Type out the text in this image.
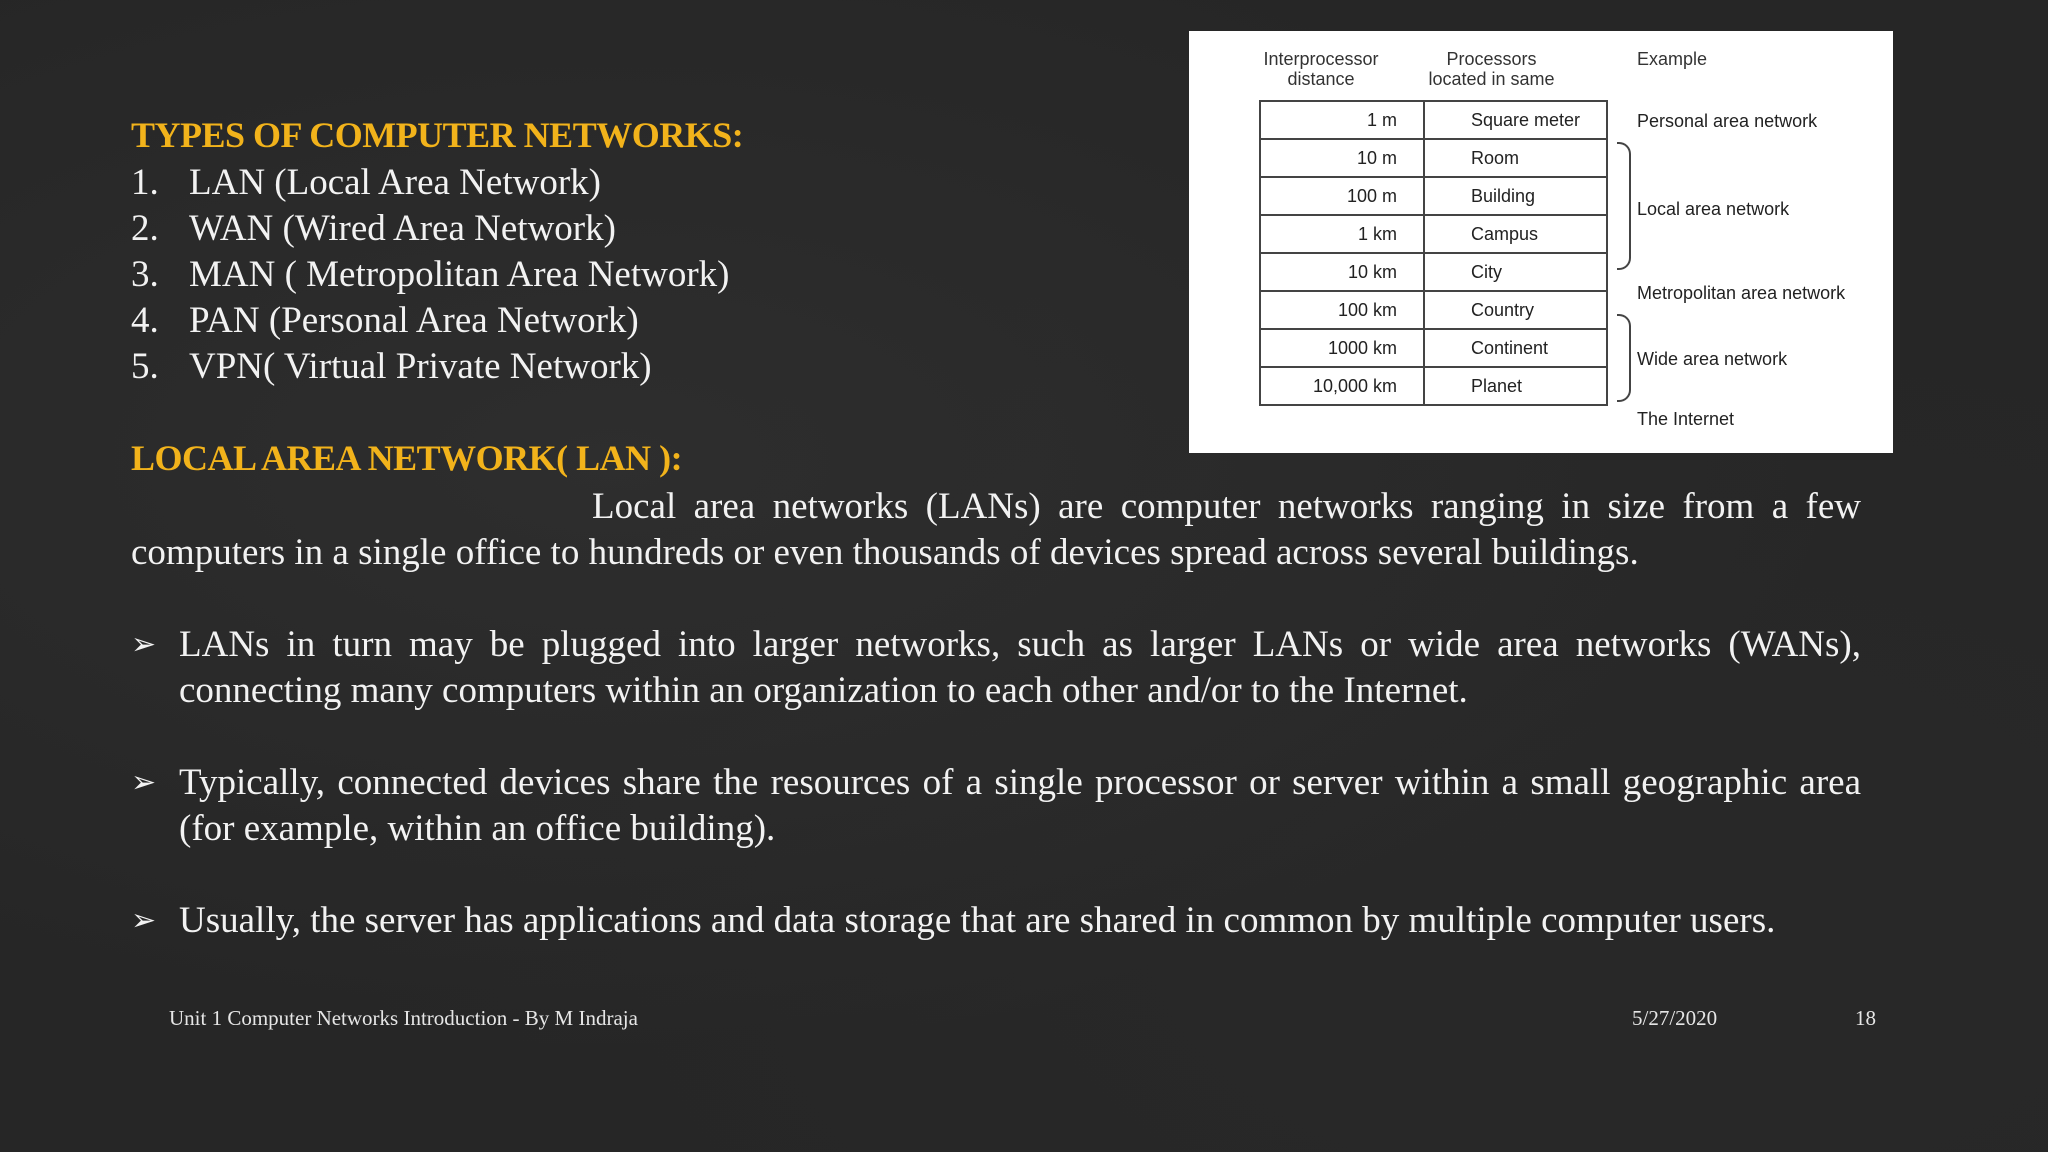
TYPES OF COMPUTER NETWORKS:
1. LAN (Local Area Network)
2. WAN (Wired Area Network)
3. MAN ( Metropolitan Area Network)
4. PAN (Personal Area Network)
5. VPN( Virtual Private Network)
LOCAL AREA NETWORK( LAN ):
Local area networks (LANs) are computer networks ranging in size from a few computers in a single office to hundreds or even thousands of devices spread across several buildings.
➢ LANs in turn may be plugged into larger networks, such as larger LANs or wide area networks (WANs), connecting many computers within an organization to each other and/or to the Internet.
➢ Typically, connected devices share the resources of a single processor or server within a small geographic area (for example, within an office building).
➢ Usually, the server has applications and data storage that are shared in common by multiple computer users.
Interprocessor distance
Processors located in same
Example
1 m	Square meter
10 m	Room
100 m	Building
1 km	Campus
10 km	City
100 km	Country
1000 km	Continent
10,000 km	Planet
Personal area network
Local area network
Metropolitan area network
Wide area network
The Internet
Unit 1 Computer Networks Introduction - By M Indraja	5/27/2020	18
